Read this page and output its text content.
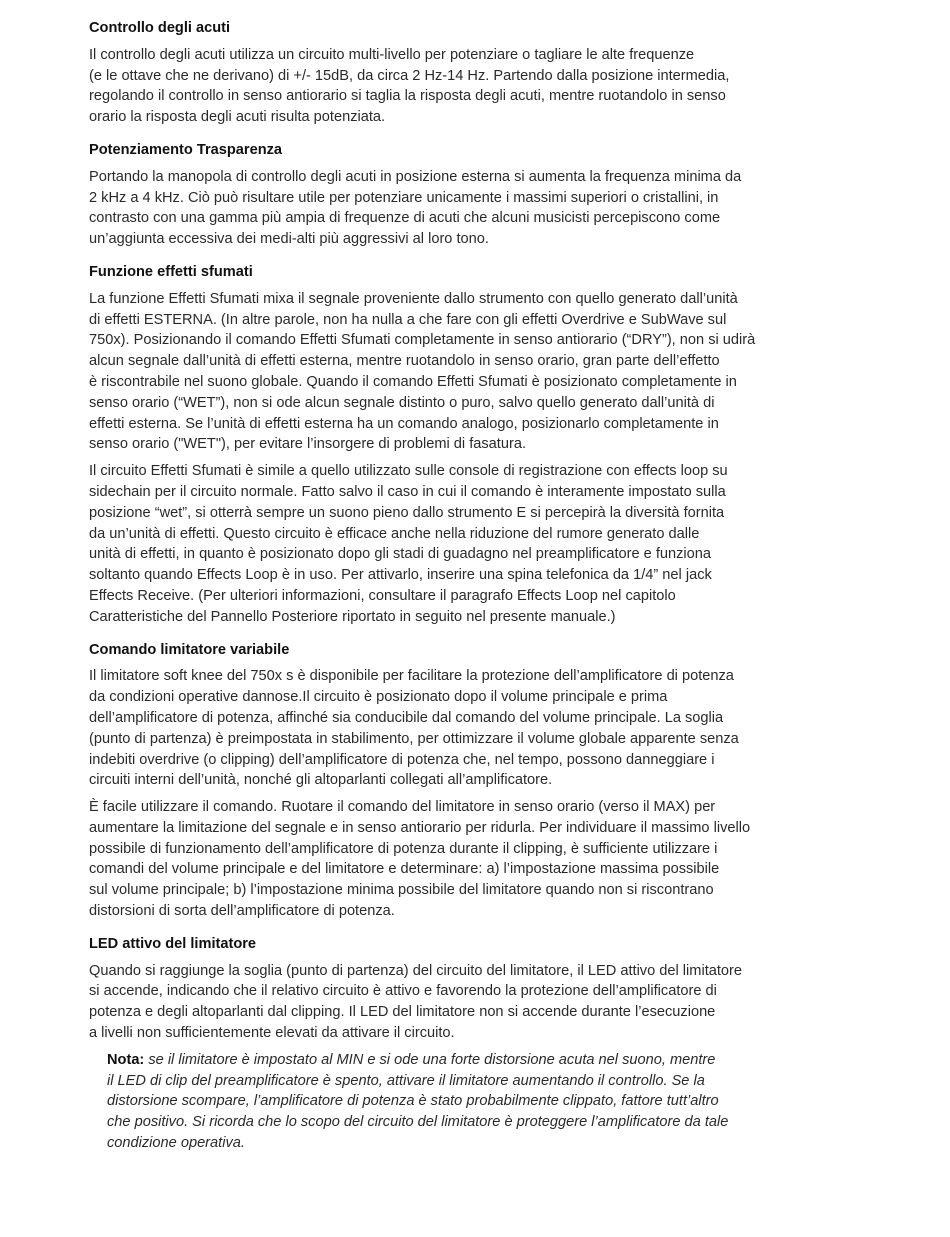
Controllo degli acuti
Il controllo degli acuti utilizza un circuito multi-livello per potenziare o tagliare le alte frequenze
(e le ottave che ne derivano) di +/- 15dB, da circa 2 Hz-14 Hz. Partendo dalla posizione intermedia,
regolando il controllo in senso antiorario si taglia la risposta degli acuti, mentre ruotandolo in senso
orario la risposta degli acuti risulta potenziata.
Potenziamento Trasparenza
Portando la manopola di controllo degli acuti in posizione esterna si aumenta la frequenza minima da
2 kHz a 4 kHz. Ciò può risultare utile per potenziare unicamente i massimi superiori o cristallini, in
contrasto con una gamma più ampia di frequenze di acuti che alcuni musicisti percepiscono come
un’aggiunta eccessiva dei medi-alti più aggressivi al loro tono.
Funzione effetti sfumati
La funzione Effetti Sfumati mixa il segnale proveniente dallo strumento con quello generato dall’unità
di effetti ESTERNA. (In altre parole, non ha nulla a che fare con gli effetti Overdrive e SubWave sul
750x). Posizionando il comando Effetti Sfumati completamente in senso antiorario (“DRY”), non si udirà
alcun segnale dall’unità di effetti esterna, mentre ruotandolo in senso orario, gran parte dell’effetto
è riscontrabile nel suono globale. Quando il comando Effetti Sfumati è posizionato completamente in
senso orario (“WET”), non si ode alcun segnale distinto o puro, salvo quello generato dall’unità di
effetti esterna. Se l’unità di effetti esterna ha un comando analogo, posizionarlo completamente in
senso orario ("WET"), per evitare l’insorgere di problemi di fasatura.
Il circuito Effetti Sfumati è simile a quello utilizzato sulle console di registrazione con effects loop su
sidechain per il circuito normale. Fatto salvo il caso in cui il comando è interamente impostato sulla
posizione “wet”, si otterrà sempre un suono pieno dallo strumento E si percepirà la diversità fornita
da un’unità di effetti. Questo circuito è efficace anche nella riduzione del rumore generato dalle
unità di effetti, in quanto è posizionato dopo gli stadi di guadagno nel preamplificatore e funziona
soltanto quando Effects Loop è in uso. Per attivarlo, inserire una spina telefonica da 1/4” nel jack
Effects Receive. (Per ulteriori informazioni, consultare il paragrafo Effects Loop nel capitolo
Caratteristiche del Pannello Posteriore riportato in seguito nel presente manuale.)
Comando limitatore variabile
Il limitatore soft knee del 750x s è disponibile per facilitare la protezione dell’amplificatore di potenza
da condizioni operative dannose.Il circuito è posizionato dopo il volume principale e prima
dell’amplificatore di potenza, affinché sia conducibile dal comando del volume principale. La soglia
(punto di partenza) è preimpostata in stabilimento, per ottimizzare il volume globale apparente senza
indebiti overdrive (o clipping) dell’amplificatore di potenza che, nel tempo, possono danneggiare i
circuiti interni dell’unità, nonché gli altoparlanti collegati all’amplificatore.
È facile utilizzare il comando. Ruotare il comando del limitatore in senso orario (verso il MAX) per
aumentare la limitazione del segnale e in senso antiorario per ridurla. Per individuare il massimo livello
possibile di funzionamento dell’amplificatore di potenza durante il clipping, è sufficiente utilizzare i
comandi del volume principale e del limitatore e determinare: a) l’impostazione massima possibile
sul volume principale; b) l’impostazione minima possibile del limitatore quando non si riscontrano
distorsioni di sorta dell’amplificatore di potenza.
LED attivo del limitatore
Quando si raggiunge la soglia (punto di partenza) del circuito del limitatore, il LED attivo del limitatore
si accende, indicando che il relativo circuito è attivo e favorendo la protezione dell’amplificatore di
potenza e degli altoparlanti dal clipping. Il LED del limitatore non si accende durante l’esecuzione
a livelli non sufficientemente elevati da attivare il circuito.
Nota: se il limitatore è impostato al MIN e si ode una forte distorsione acuta nel suono, mentre
il LED di clip del preamplificatore è spento, attivare il limitatore aumentando il controllo. Se la
distorsione scompare, l’amplificatore di potenza è stato probabilmente clippato, fattore tutt’altro
che positivo. Si ricorda che lo scopo del circuito del limitatore è proteggere l’amplificatore da tale
condizione operativa.
